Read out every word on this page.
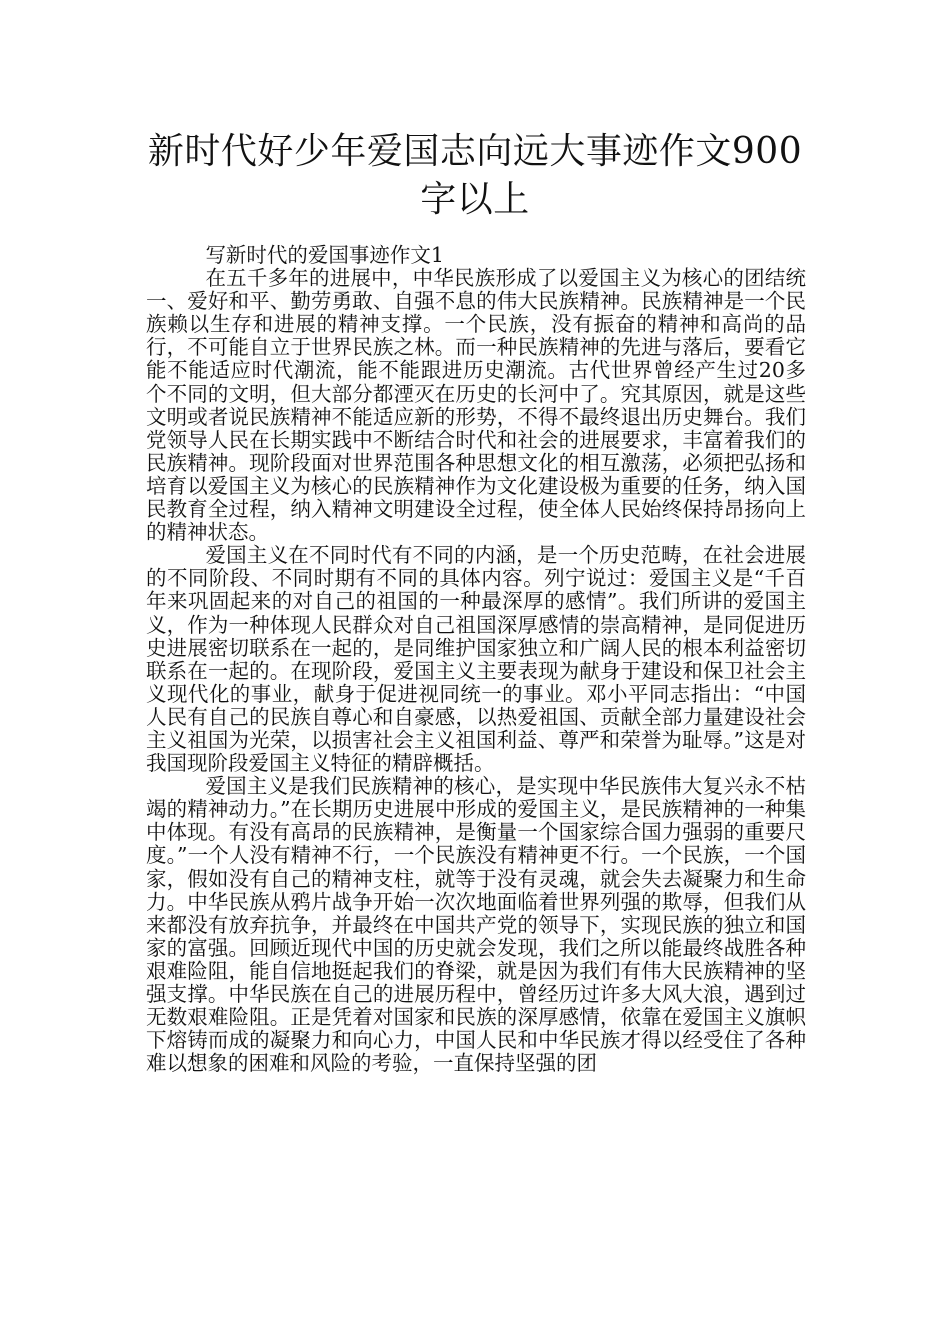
新时代好少年爱国志向远大事迹作文900字以上

写新时代的爱国事迹作文1

在五千多年的进展中，中华民族形成了以爱国主义为核心的团结统一、爱好和平、勤劳勇敢、自强不息的伟大民族精神。民族精神是一个民族赖以生存和进展的精神支撑。一个民族，没有振奋的精神和高尚的品行，不可能自立于世界民族之林。而一种民族精神的先进与落后，要看它能不能适应时代潮流，能不能跟进历史潮流。古代世界曾经产生过20多个不同的文明，但大部分都湮灭在历史的长河中了。究其原因，就是这些文明或者说民族精神不能适应新的形势，不得不最终退出历史舞台。我们党领导人民在长期实践中不断结合时代和社会的进展要求，丰富着我们的民族精神。现阶段面对世界范围各种思想文化的相互激荡，必须把弘扬和培育以爱国主义为核心的民族精神作为文化建设极为重要的任务，纳入国民教育全过程，纳入精神文明建设全过程，使全体人民始终保持昂扬向上的精神状态。

爱国主义在不同时代有不同的内涵，是一个历史范畴，在社会进展的不同阶段、不同时期有不同的具体内容。列宁说过：爱国主义是“千百年来巩固起来的对自己的祖国的一种最深厚的感情”。我们所讲的爱国主义，作为一种体现人民群众对自己祖国深厚感情的崇高精神，是同促进历史进展密切联系在一起的，是同维护国家独立和广阔人民的根本利益密切联系在一起的。在现阶段，爱国主义主要表现为献身于建设和保卫社会主义现代化的事业，献身于促进视同统一的事业。邓小平同志指出：“中国人民有自己的民族自尊心和自豪感，以热爱祖国、贡献全部力量建设社会主义祖国为光荣，以损害社会主义祖国利益、尊严和荣誉为耻辱。”这是对我国现阶段爱国主义特征的精辟概括。

爱国主义是我们民族精神的核心，是实现中华民族伟大复兴永不枯竭的精神动力。”在长期历史进展中形成的爱国主义，是民族精神的一种集中体现。有没有高昂的民族精神，是衡量一个国家综合国力强弱的重要尺度。”一个人没有精神不行，一个民族没有精神更不行。一个民族，一个国家，假如没有自己的精神支柱，就等于没有灵魂，就会失去凝聚力和生命力。中华民族从鸦片战争开始一次次地面临着世界列强的欺辱，但我们从来都没有放弃抗争，并最终在中国共产党的领导下，实现民族的独立和国家的富强。回顾近现代中国的历史就会发现，我们之所以能最终战胜各种艰难险阻，能自信地挺起我们的脊梁，就是因为我们有伟大民族精神的坚强支撑。中华民族在自己的进展历程中，曾经历过许多大风大浪，遇到过无数艰难险阻。正是凭着对国家和民族的深厚感情，依靠在爱国主义旗帜下熔铸而成的凝聚力和向心力，中国人民和中华民族才得以经受住了各种难以想象的困难和风险的考验，一直保持坚强的团
